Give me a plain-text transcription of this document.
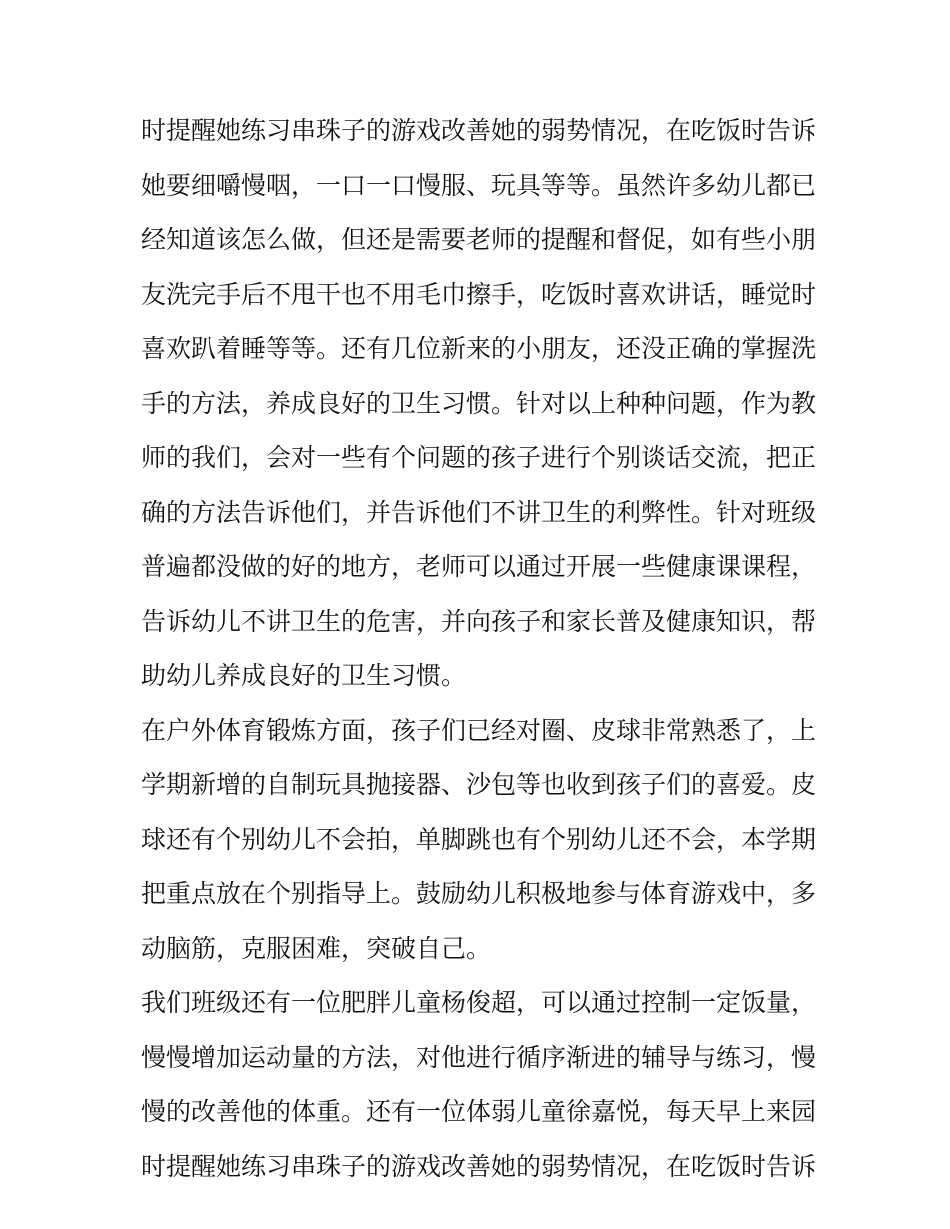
时提醒她练习串珠子的游戏改善她的弱势情况，在吃饭时告诉
她要细嚼慢咽，一口一口慢服、玩具等等。虽然许多幼儿都已
经知道该怎么做，但还是需要老师的提醒和督促，如有些小朋
友洗完手后不甩干也不用毛巾擦手，吃饭时喜欢讲话，睡觉时
喜欢趴着睡等等。还有几位新来的小朋友，还没正确的掌握洗
手的方法，养成良好的卫生习惯。针对以上种种问题，作为教
师的我们，会对一些有个问题的孩子进行个别谈话交流，把正
确的方法告诉他们，并告诉他们不讲卫生的利弊性。针对班级
普遍都没做的好的地方，老师可以通过开展一些健康课课程，
告诉幼儿不讲卫生的危害，并向孩子和家长普及健康知识，帮
助幼儿养成良好的卫生习惯。
在户外体育锻炼方面，孩子们已经对圈、皮球非常熟悉了，上
学期新增的自制玩具抛接器、沙包等也收到孩子们的喜爱。皮
球还有个别幼儿不会拍，单脚跳也有个别幼儿还不会，本学期
把重点放在个别指导上。鼓励幼儿积极地参与体育游戏中，多
动脑筋，克服困难，突破自己。
我们班级还有一位肥胖儿童杨俊超，可以通过控制一定饭量，
慢慢增加运动量的方法，对他进行循序渐进的辅导与练习，慢
慢的改善他的体重。还有一位体弱儿童徐嘉悦，每天早上来园
时提醒她练习串珠子的游戏改善她的弱势情况，在吃饭时告诉
